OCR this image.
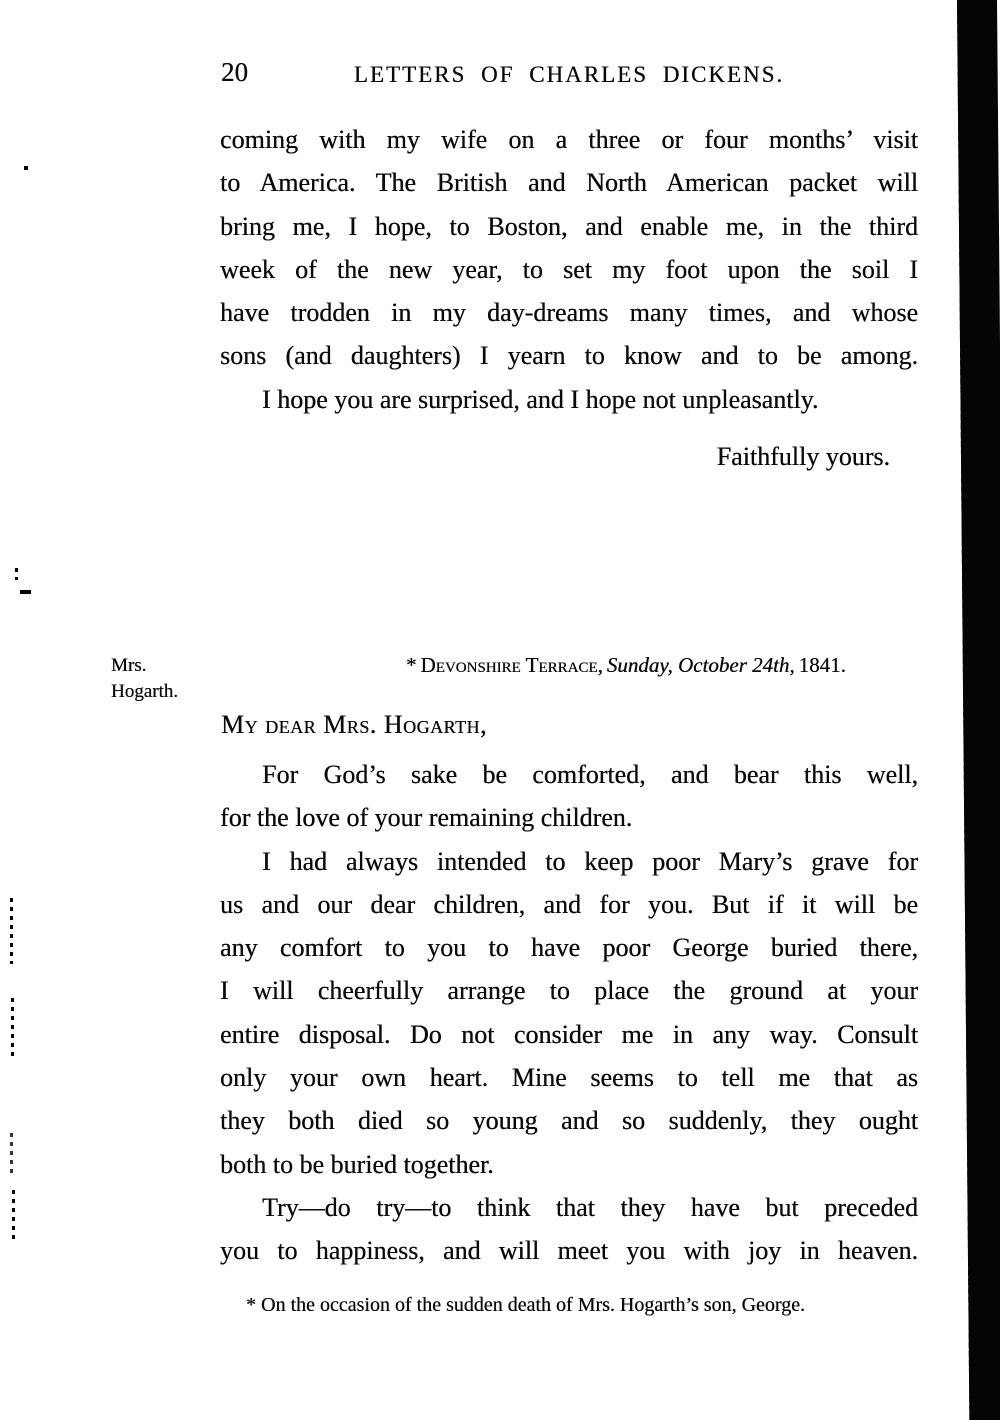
20	LETTERS OF CHARLES DICKENS.
coming with my wife on a three or four months’ visit
to America. The British and North American packet will
bring me, I hope, to Boston, and enable me, in the third
week of the new year, to set my foot upon the soil I
have trodden in my day-dreams many times, and whose
sons (and daughters) I yearn to know and to be among.
I hope you are surprised, and I hope not unpleasantly.
Faithfully yours.
Mrs.
Hogarth.
* Devonshire Terrace, Sunday, October 24th, 1841.
My dear Mrs. Hogarth,
For God’s sake be comforted, and bear this well,
for the love of your remaining children.
I had always intended to keep poor Mary’s grave for
us and our dear children, and for you. But if it will be
any comfort to you to have poor George buried there,
I will cheerfully arrange to place the ground at your
entire disposal. Do not consider me in any way. Consult
only your own heart. Mine seems to tell me that as
they both died so young and so suddenly, they ought
both to be buried together.
Try—do try—to think that they have but preceded
you to happiness, and will meet you with joy in heaven.
* On the occasion of the sudden death of Mrs. Hogarth’s son, George.
